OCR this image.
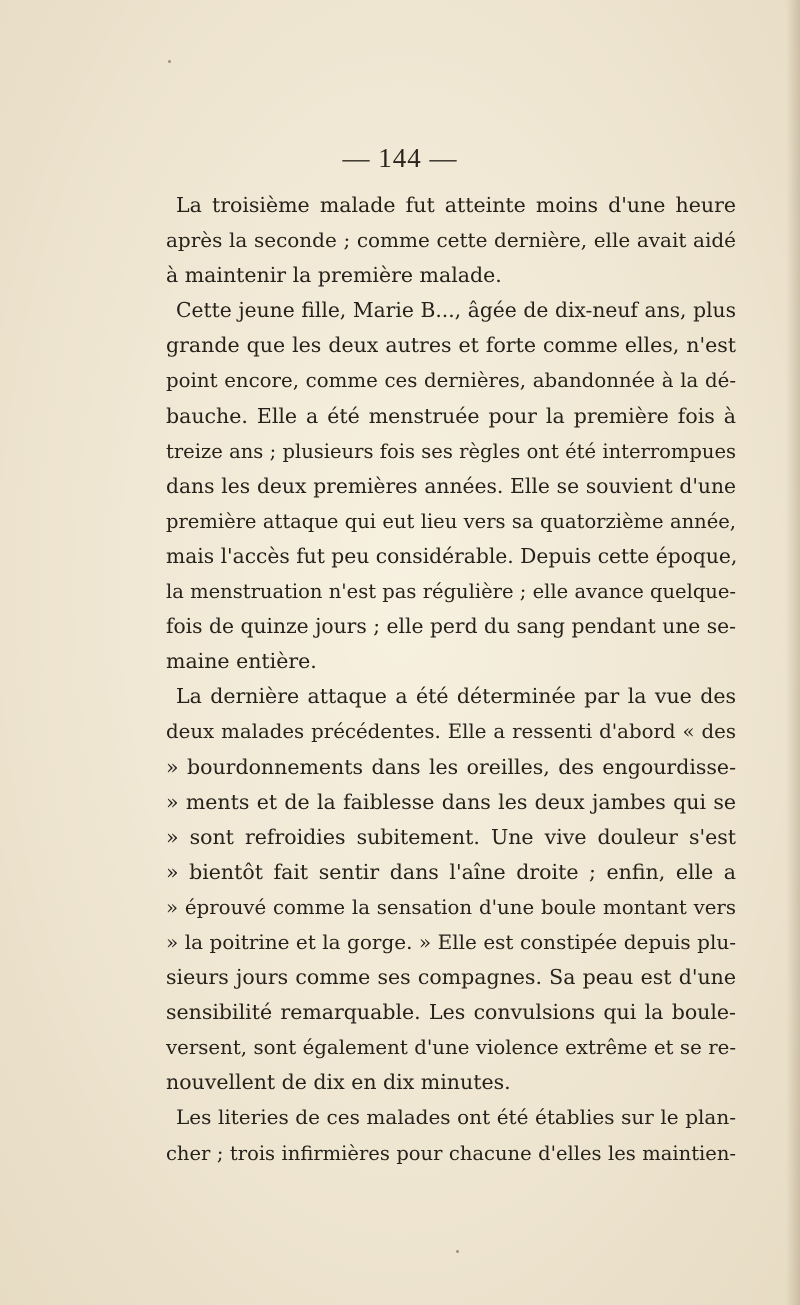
— 144 —
La troisième malade fut atteinte moins d'une heure
après la seconde ; comme cette dernière, elle avait aidé
à maintenir la première malade.
Cette jeune fille, Marie B..., âgée de dix-neuf ans, plus
grande que les deux autres et forte comme elles, n'est
point encore, comme ces dernières, abandonnée à la dé-
bauche. Elle a été menstruée pour la première fois à
treize ans ; plusieurs fois ses règles ont été interrompues
dans les deux premières années. Elle se souvient d'une
première attaque qui eut lieu vers sa quatorzième année,
mais l'accès fut peu considérable. Depuis cette époque,
la menstruation n'est pas régulière ; elle avance quelque-
fois de quinze jours ; elle perd du sang pendant une se-
maine entière.
La dernière attaque a été déterminée par la vue des
deux malades précédentes. Elle a ressenti d'abord « des
» bourdonnements dans les oreilles, des engourdisse-
» ments et de la faiblesse dans les deux jambes qui se
» sont refroidies subitement. Une vive douleur s'est
» bientôt fait sentir dans l'aîne droite ; enfin, elle a
» éprouvé comme la sensation d'une boule montant vers
» la poitrine et la gorge. » Elle est constipée depuis plu-
sieurs jours comme ses compagnes. Sa peau est d'une
sensibilité remarquable. Les convulsions qui la boule-
versent, sont également d'une violence extrême et se re-
nouvellent de dix en dix minutes.
Les literies de ces malades ont été établies sur le plan-
cher ; trois infirmières pour chacune d'elles les maintien-
